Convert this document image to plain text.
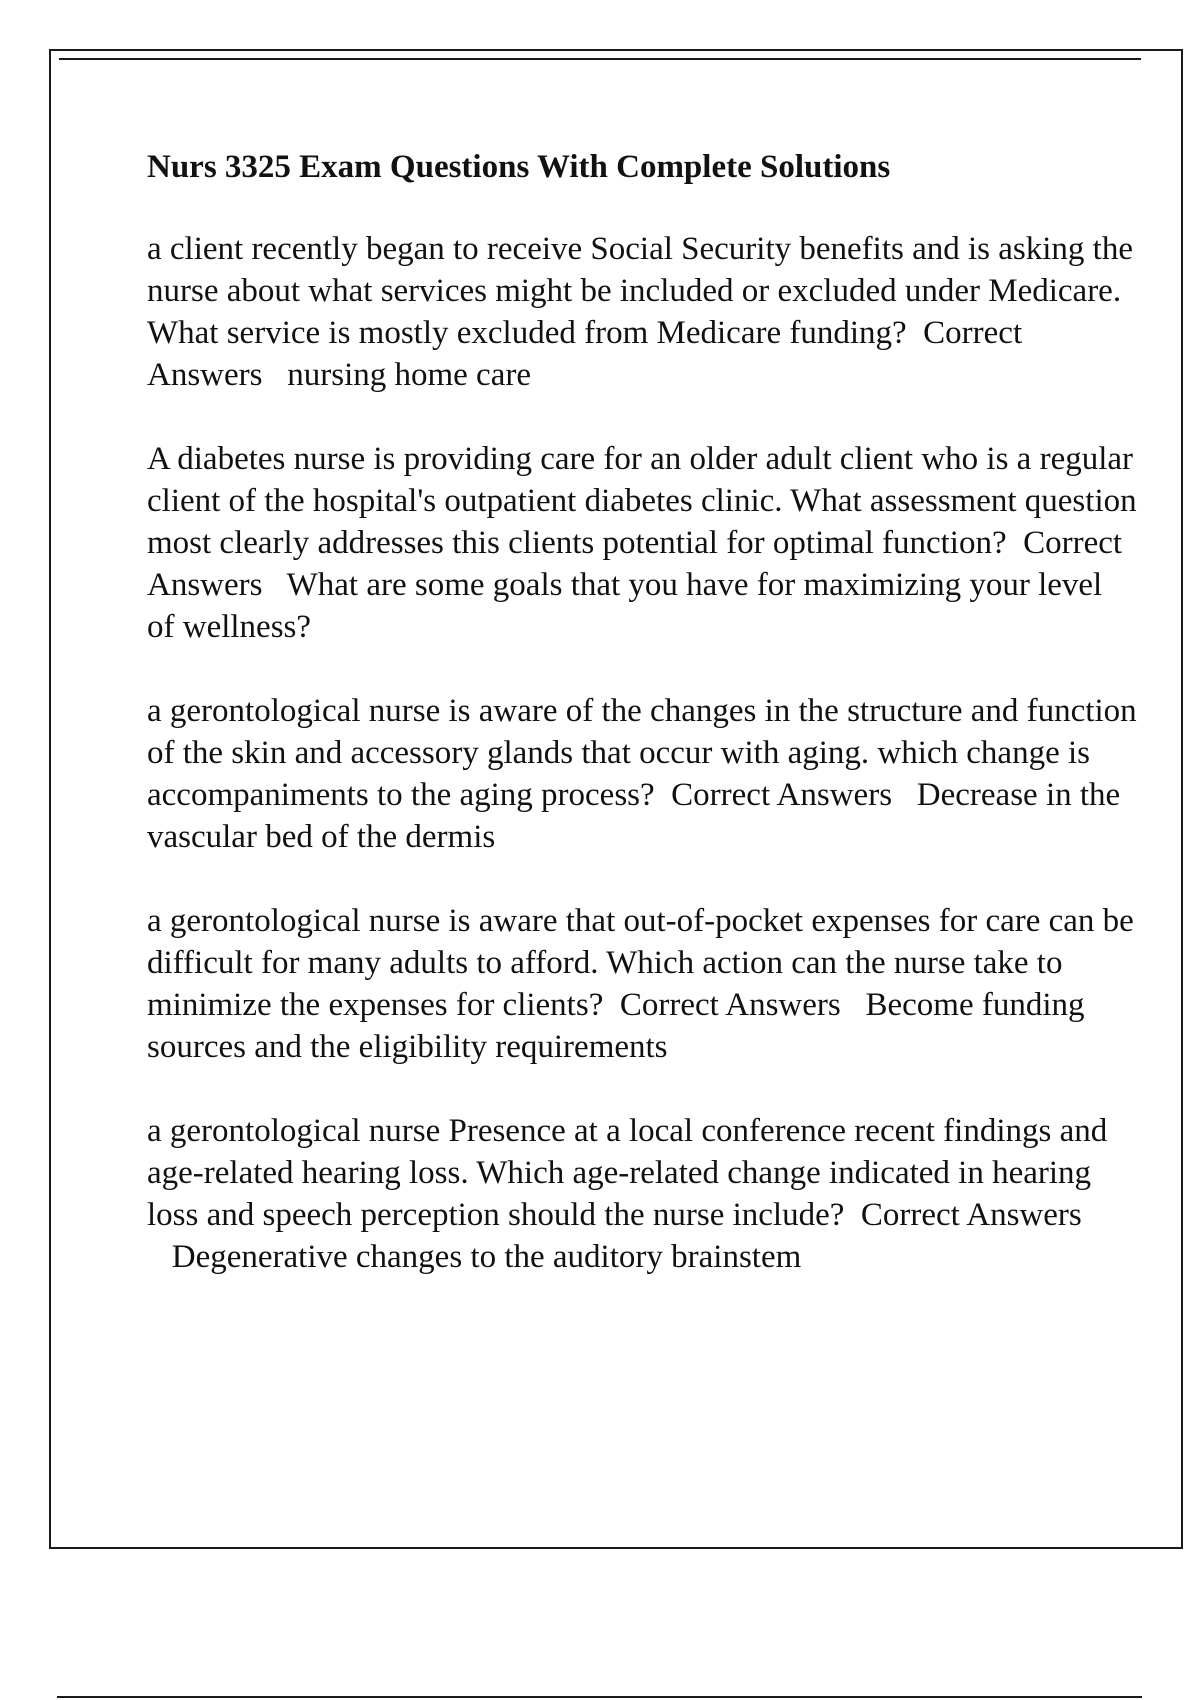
Nurs 3325 Exam Questions With Complete Solutions

a client recently began to receive Social Security benefits and is asking the nurse about what services might be included or excluded under Medicare. What service is mostly excluded from Medicare funding? Correct Answers nursing home care

A diabetes nurse is providing care for an older adult client who is a regular client of the hospital's outpatient diabetes clinic. What assessment question most clearly addresses this clients potential for optimal function? Correct Answers What are some goals that you have for maximizing your level of wellness?

a gerontological nurse is aware of the changes in the structure and function of the skin and accessory glands that occur with aging. which change is accompaniments to the aging process? Correct Answers Decrease in the vascular bed of the dermis

a gerontological nurse is aware that out-of-pocket expenses for care can be difficult for many adults to afford. Which action can the nurse take to minimize the expenses for clients? Correct Answers Become funding sources and the eligibility requirements

a gerontological nurse Presence at a local conference recent findings and age-related hearing loss. Which age-related change indicated in hearing loss and speech perception should the nurse include? Correct Answers   Degenerative changes to the auditory brainstem
